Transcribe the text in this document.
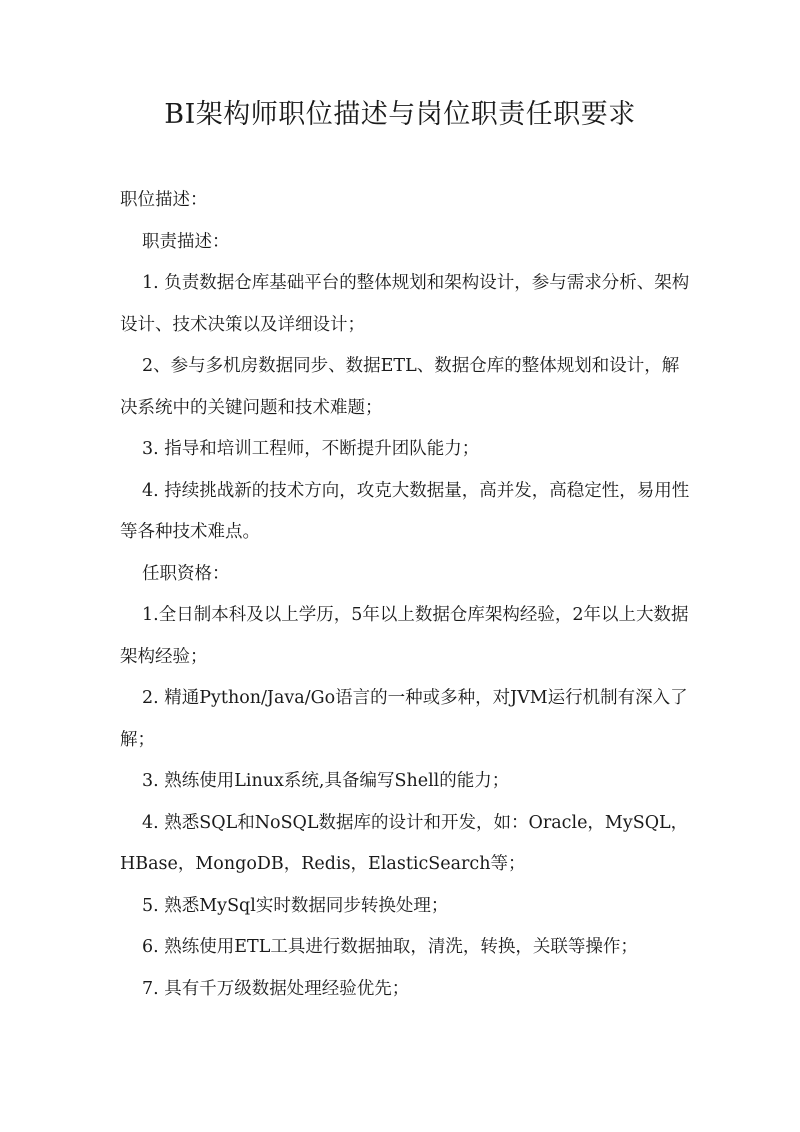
BI架构师职位描述与岗位职责任职要求

职位描述：

职责描述：

1. 负责数据仓库基础平台的整体规划和架构设计，参与需求分析、架构设计、技术决策以及详细设计；

2、参与多机房数据同步、数据ETL、数据仓库的整体规划和设计，解决系统中的关键问题和技术难题；

3. 指导和培训工程师，不断提升团队能力；

4. 持续挑战新的技术方向，攻克大数据量，高并发，高稳定性，易用性等各种技术难点。

任职资格：

1.全日制本科及以上学历，5年以上数据仓库架构经验，2年以上大数据架构经验；

2. 精通Python/Java/Go语言的一种或多种，对JVM运行机制有深入了解；

3. 熟练使用Linux系统,具备编写Shell的能力；

4. 熟悉SQL和NoSQL数据库的设计和开发，如：Oracle，MySQL，HBase，MongoDB，Redis，ElasticSearch等；

5. 熟悉MySql实时数据同步转换处理；

6. 熟练使用ETL工具进行数据抽取，清洗，转换，关联等操作；

7. 具有千万级数据处理经验优先；
